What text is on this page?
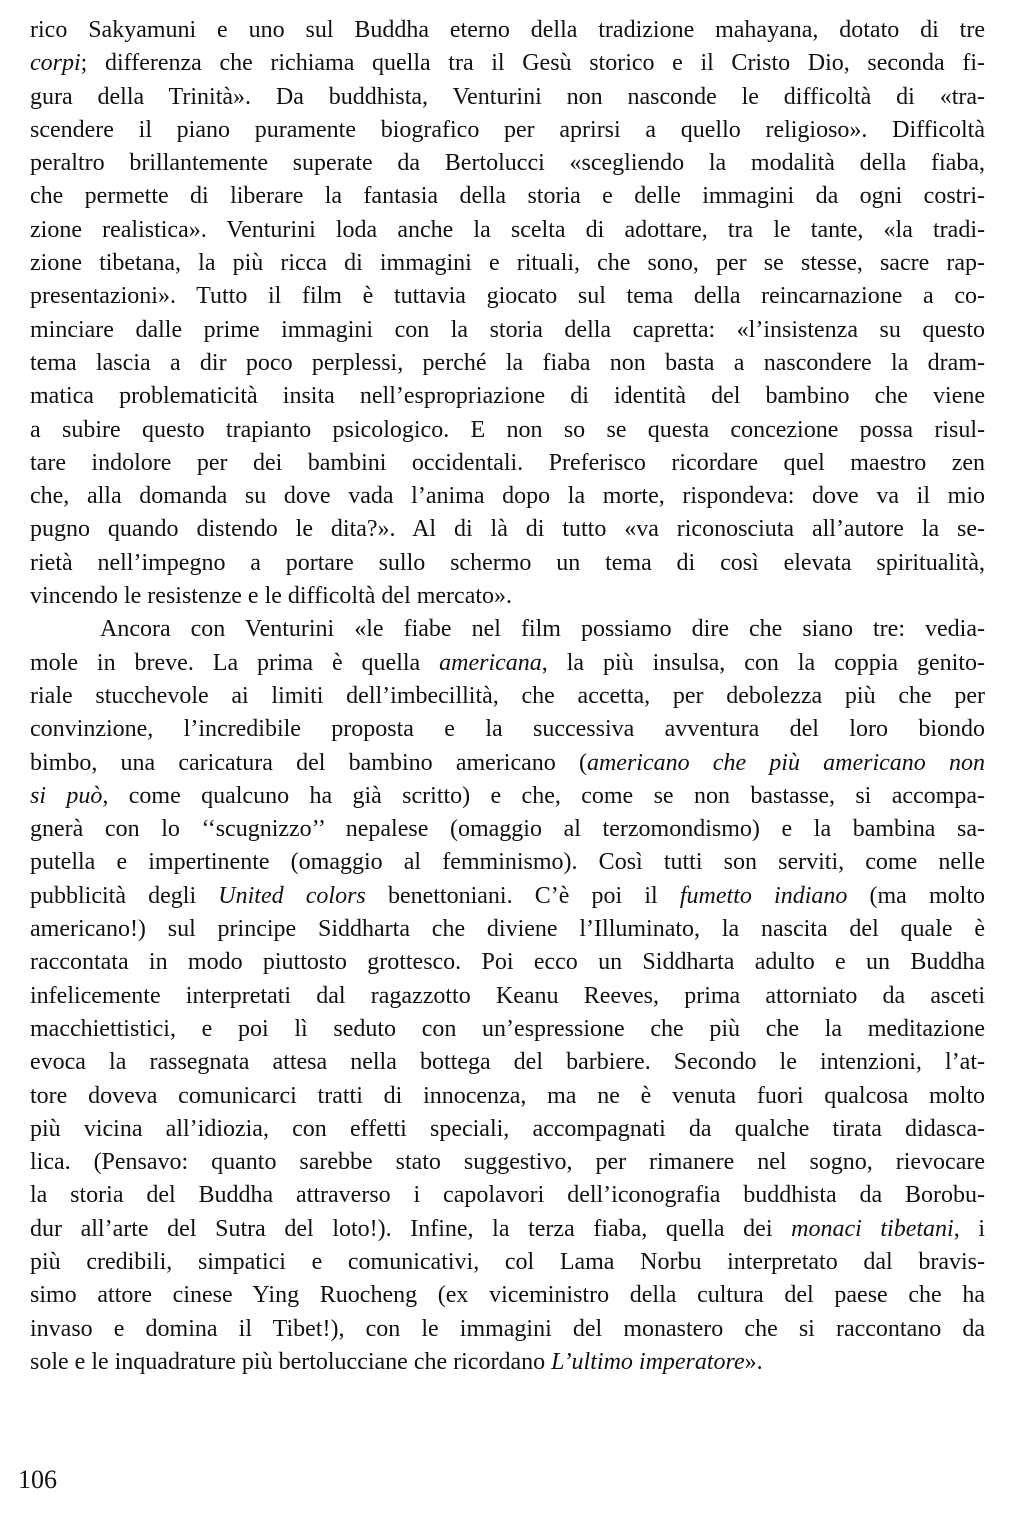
rico Sakyamuni e uno sul Buddha eterno della tradizione mahayana, dotato di tre
corpi; differenza che richiama quella tra il Gesù storico e il Cristo Dio, seconda fi-
gura della Trinità». Da buddhista, Venturini non nasconde le difficoltà di «tra-
scendere il piano puramente biografico per aprirsi a quello religioso». Difficoltà
peraltro brillantemente superate da Bertolucci «scegliendo la modalità della fiaba,
che permette di liberare la fantasia della storia e delle immagini da ogni costri-
zione realistica». Venturini loda anche la scelta di adottare, tra le tante, «la tradi-
zione tibetana, la più ricca di immagini e rituali, che sono, per se stesse, sacre rap-
presentazioni». Tutto il film è tuttavia giocato sul tema della reincarnazione a co-
minciare dalle prime immagini con la storia della capretta: «l’insistenza su questo
tema lascia a dir poco perplessi, perché la fiaba non basta a nascondere la dram-
matica problematicità insita nell’espropriazione di identità del bambino che viene
a subire questo trapianto psicologico. E non so se questa concezione possa risul-
tare indolore per dei bambini occidentali. Preferisco ricordare quel maestro zen
che, alla domanda su dove vada l’anima dopo la morte, rispondeva: dove va il mio
pugno quando distendo le dita?». Al di là di tutto «va riconosciuta all’autore la se-
rietà nell’impegno a portare sullo schermo un tema di così elevata spiritualità,
vincendo le resistenze e le difficoltà del mercato».
Ancora con Venturini «le fiabe nel film possiamo dire che siano tre: vedia-
mole in breve. La prima è quella americana, la più insulsa, con la coppia genito-
riale stucchevole ai limiti dell’imbecillità, che accetta, per debolezza più che per
convinzione, l’incredibile proposta e la successiva avventura del loro biondo
bimbo, una caricatura del bambino americano (americano che più americano non
si può, come qualcuno ha già scritto) e che, come se non bastasse, si accompa-
gnerà con lo ‘‘scugnizzo’’ nepalese (omaggio al terzomondismo) e la bambina sa-
putella e impertinente (omaggio al femminismo). Così tutti son serviti, come nelle
pubblicità degli United colors benettoniani. C’è poi il fumetto indiano (ma molto
americano!) sul principe Siddharta che diviene l’Illuminato, la nascita del quale è
raccontata in modo piuttosto grottesco. Poi ecco un Siddharta adulto e un Buddha
infelicemente interpretati dal ragazzotto Keanu Reeves, prima attorniato da asceti
macchiettistici, e poi lì seduto con un’espressione che più che la meditazione
evoca la rassegnata attesa nella bottega del barbiere. Secondo le intenzioni, l’at-
tore doveva comunicarci tratti di innocenza, ma ne è venuta fuori qualcosa molto
più vicina all’idiozia, con effetti speciali, accompagnati da qualche tirata didasca-
lica. (Pensavo: quanto sarebbe stato suggestivo, per rimanere nel sogno, rievocare
la storia del Buddha attraverso i capolavori dell’iconografia buddhista da Borobu-
dur all’arte del Sutra del loto!). Infine, la terza fiaba, quella dei monaci tibetani, i
più credibili, simpatici e comunicativi, col Lama Norbu interpretato dal bravis-
simo attore cinese Ying Ruocheng (ex viceministro della cultura del paese che ha
invaso e domina il Tibet!), con le immagini del monastero che si raccontano da
sole e le inquadrature più bertolucciane che ricordano L’ultimo imperatore».
106
